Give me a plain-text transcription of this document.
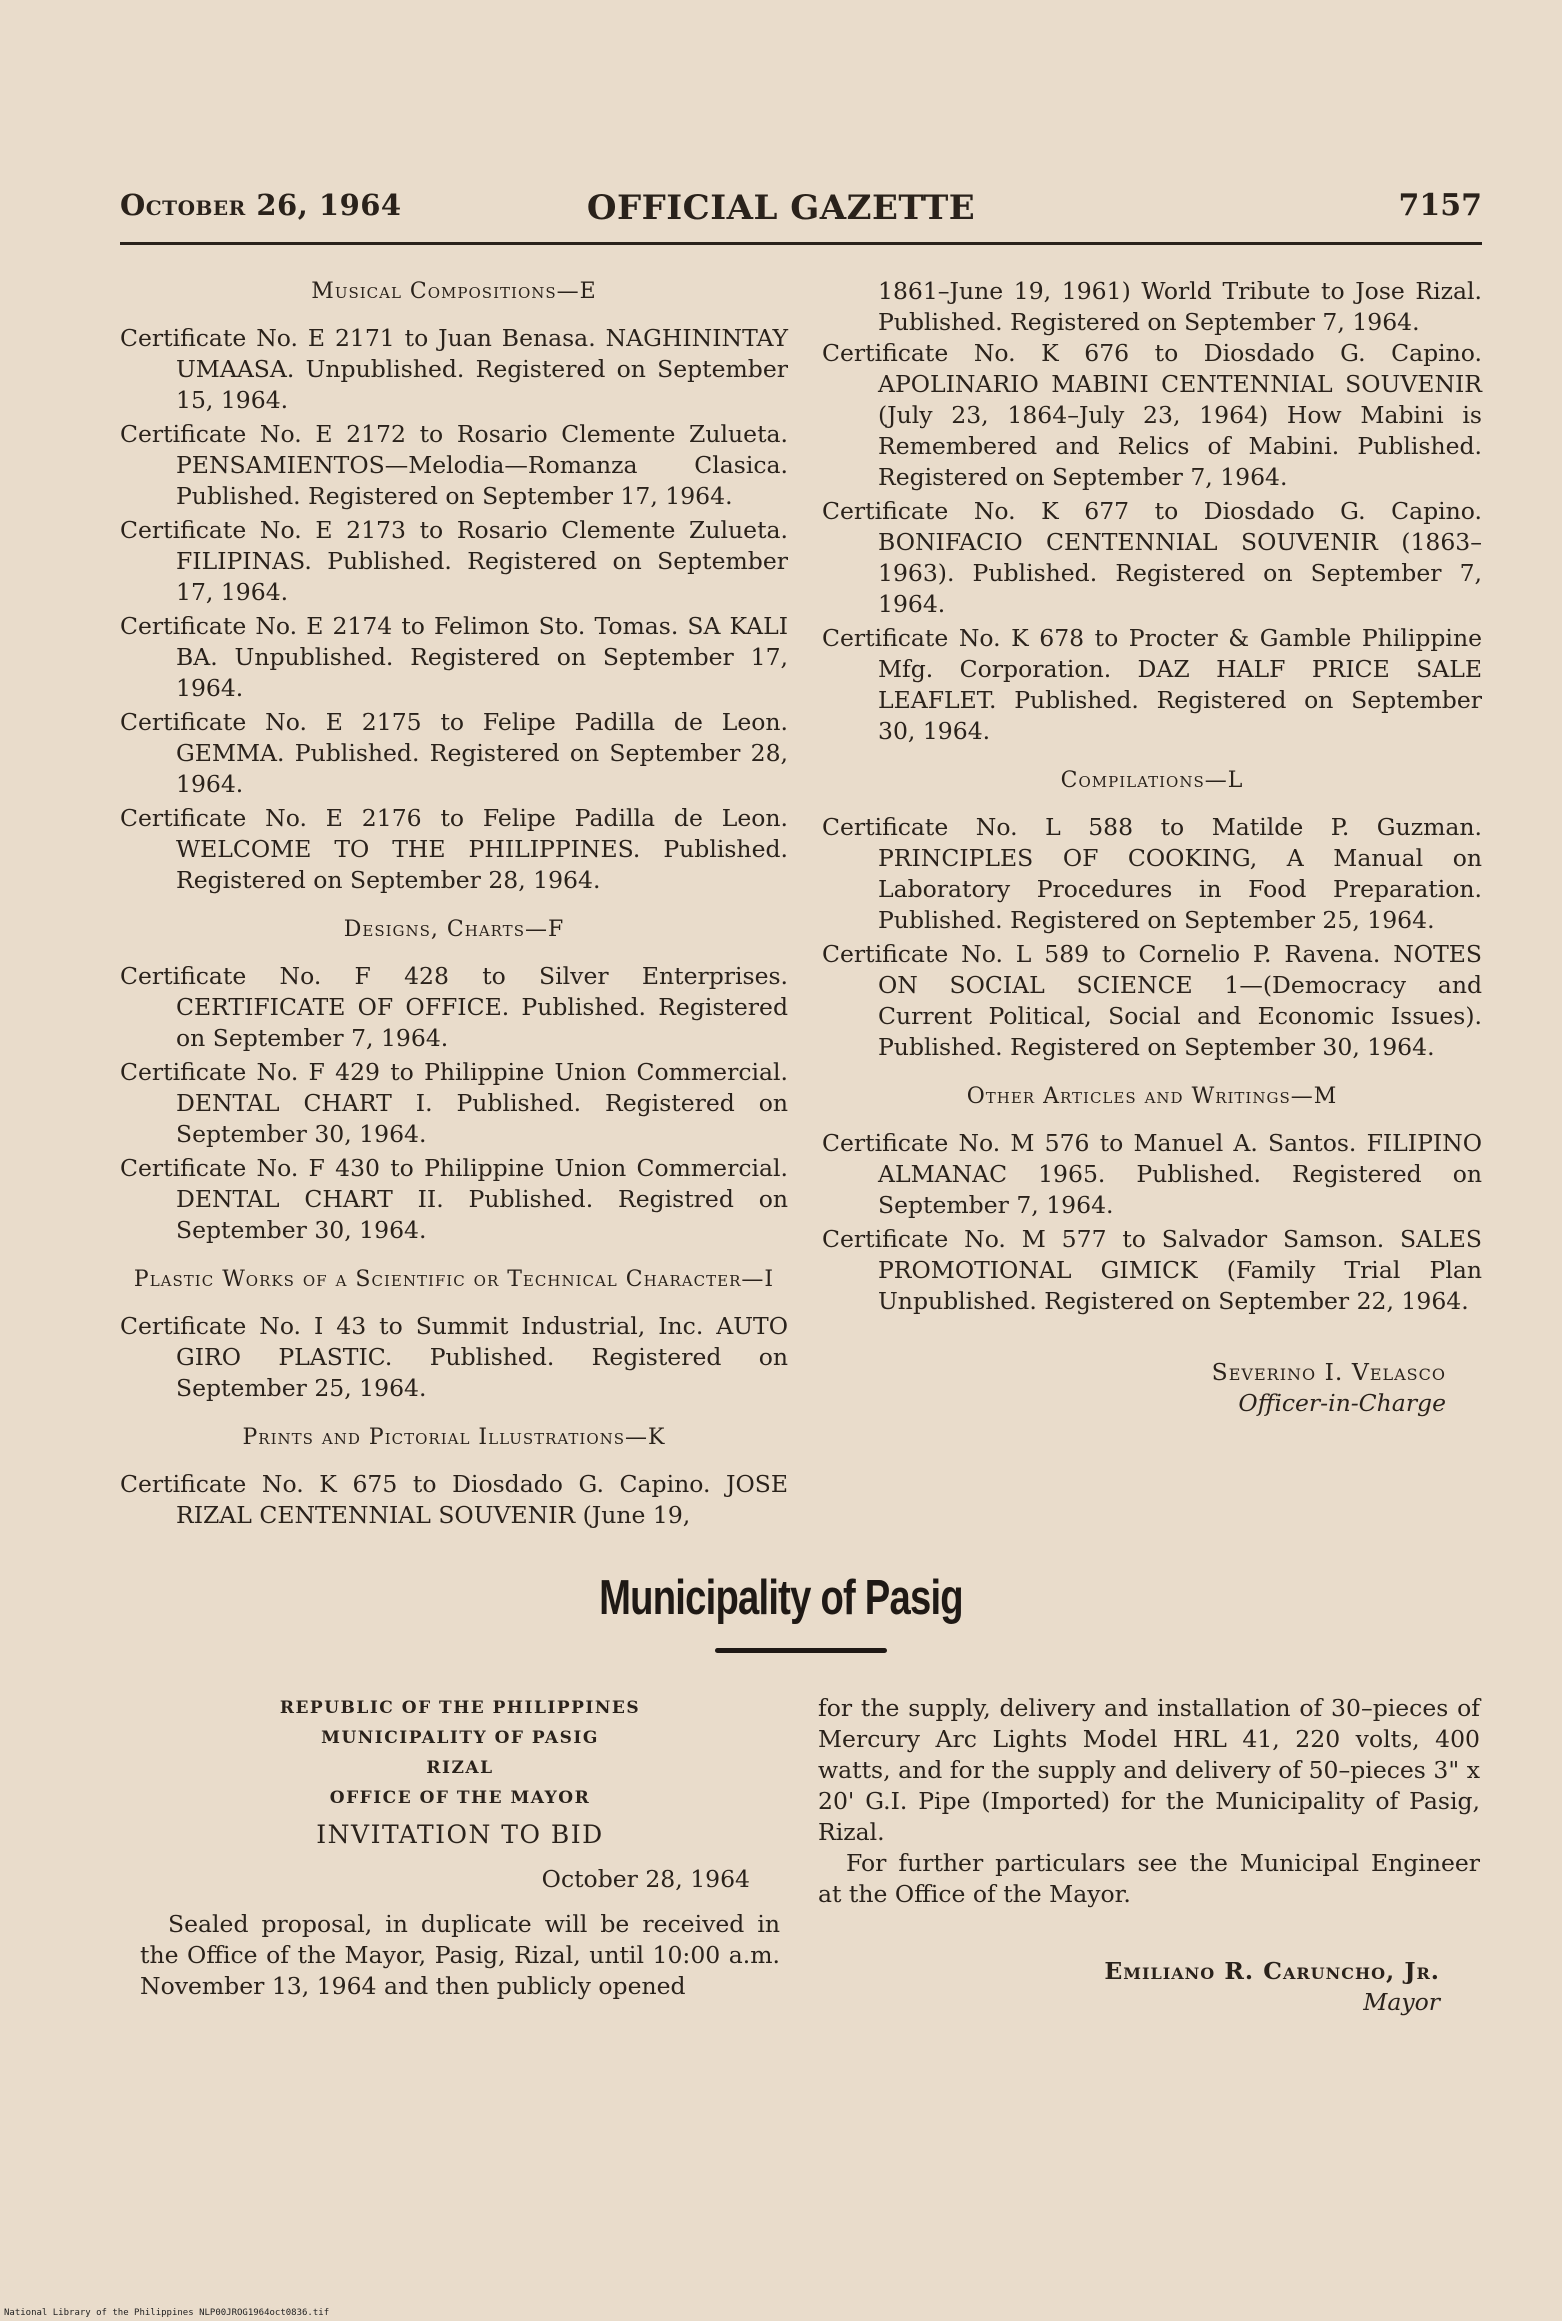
October 26, 1964	OFFICIAL GAZETTE	7157
Musical Compositions—E
Certificate No. E 2171 to Juan Benasa. NAGHININTAY UMAASA. Unpublished. Registered on September 15, 1964.
Certificate No. E 2172 to Rosario Clemente Zulueta. PENSAMIENTOS—Melodia—Romanza Clasica. Published. Registered on September 17, 1964.
Certificate No. E 2173 to Rosario Clemente Zulueta. FILIPINAS. Published. Registered on September 17, 1964.
Certificate No. E 2174 to Felimon Sto. Tomas. SA KALI BA. Unpublished. Registered on September 17, 1964.
Certificate No. E 2175 to Felipe Padilla de Leon. GEMMA. Published. Registered on September 28, 1964.
Certificate No. E 2176 to Felipe Padilla de Leon. WELCOME TO THE PHILIPPINES. Published. Registered on September 28, 1964.
Designs, Charts—F
Certificate No. F 428 to Silver Enterprises. CERTIFICATE OF OFFICE. Published. Registered on September 7, 1964.
Certificate No. F 429 to Philippine Union Commercial. DENTAL CHART I. Published. Registered on September 30, 1964.
Certificate No. F 430 to Philippine Union Commercial. DENTAL CHART II. Published. Registred on September 30, 1964.
Plastic Works of a Scientific or Technical Character—I
Certificate No. I 43 to Summit Industrial, Inc. AUTO GIRO PLASTIC. Published. Registered on September 25, 1964.
Prints and Pictorial Illustrations—K
Certificate No. K 675 to Diosdado G. Capino. JOSE RIZAL CENTENNIAL SOUVENIR (June 19,
1861–June 19, 1961) World Tribute to Jose Rizal. Published. Registered on September 7, 1964.
Certificate No. K 676 to Diosdado G. Capino. APOLINARIO MABINI CENTENNIAL SOUVENIR (July 23, 1864–July 23, 1964) How Mabini is Remembered and Relics of Mabini. Published. Registered on September 7, 1964.
Certificate No. K 677 to Diosdado G. Capino. BONIFACIO CENTENNIAL SOUVENIR (1863–1963). Published. Registered on September 7, 1964.
Certificate No. K 678 to Procter & Gamble Philippine Mfg. Corporation. DAZ HALF PRICE SALE LEAFLET. Published. Registered on September 30, 1964.
Compilations—L
Certificate No. L 588 to Matilde P. Guzman. PRINCIPLES OF COOKING, A Manual on Laboratory Procedures in Food Preparation. Published. Registered on September 25, 1964.
Certificate No. L 589 to Cornelio P. Ravena. NOTES ON SOCIAL SCIENCE 1—(Democracy and Current Political, Social and Economic Issues). Published. Registered on September 30, 1964.
Other Articles and Writings—M
Certificate No. M 576 to Manuel A. Santos. FILIPINO ALMANAC 1965. Published. Registered on September 7, 1964.
Certificate No. M 577 to Salvador Samson. SALES PROMOTIONAL GIMICK (Family Trial Plan Unpublished. Registered on September 22, 1964.
Severino I. Velasco
Officer-in-Charge
Municipality of Pasig
REPUBLIC OF THE PHILIPPINES
MUNICIPALITY OF PASIG
RIZAL
OFFICE OF THE MAYOR
INVITATION TO BID
October 28, 1964
Sealed proposal, in duplicate will be received in the Office of the Mayor, Pasig, Rizal, until 10:00 a.m. November 13, 1964 and then publicly opened
for the supply, delivery and installation of 30–pieces of Mercury Arc Lights Model HRL 41, 220 volts, 400 watts, and for the supply and delivery of 50–pieces 3" x 20' G.I. Pipe (Imported) for the Municipality of Pasig, Rizal.
For further particulars see the Municipal Engineer at the Office of the Mayor.
Emiliano R. Caruncho, Jr.
Mayor
National Library of the Philippines NLP00JROG1964oct0836.tif
